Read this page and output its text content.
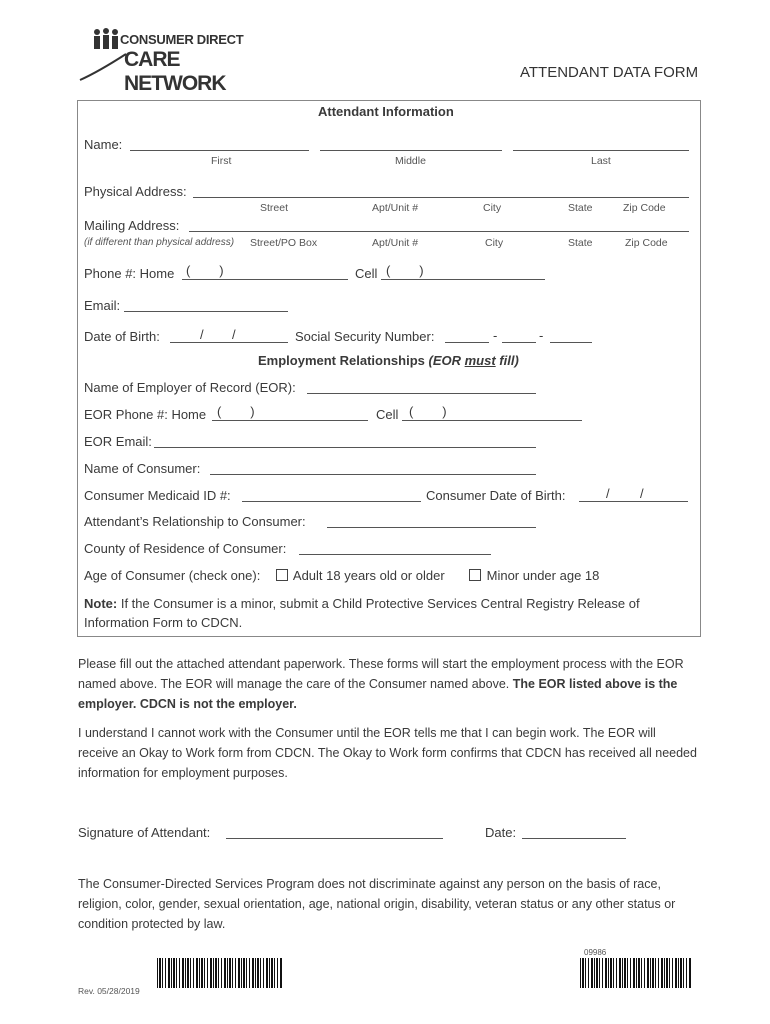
CONSUMER DIRECT
CARE NETWORK	ATTENDANT DATA FORM
Attendant Information
Name:
First	Middle	Last
Physical Address:
Street	Apt/Unit #	City	State	Zip Code
Mailing Address:
(if different than physical address) Street/PO Box	Apt/Unit #	City	State	Zip Code
Phone #: Home (        )	Cell (        )
Email:
Date of Birth:	/ /	Social Security Number:	-	-
Employment Relationships (EOR must fill)
Name of Employer of Record (EOR):
EOR Phone #: Home (        )	Cell (        )
EOR Email:
Name of Consumer:
Consumer Medicaid ID #:	Consumer Date of Birth:	/ /
Attendant’s Relationship to Consumer:
County of Residence of Consumer:
Age of Consumer (check one):	Adult 18 years old or older	Minor under age 18
Note: If the Consumer is a minor, submit a Child Protective Services Central Registry Release of Information Form to CDCN.
Please fill out the attached attendant paperwork. These forms will start the employment process with the EOR named above. The EOR will manage the care of the Consumer named above. The EOR listed above is the employer. CDCN is not the employer.
I understand I cannot work with the Consumer until the EOR tells me that I can begin work. The EOR will receive an Okay to Work form from CDCN. The Okay to Work form confirms that CDCN has received all needed information for employment purposes.
Signature of Attendant:	Date:
The Consumer-Directed Services Program does not discriminate against any person on the basis of race, religion, color, gender, sexual orientation, age, national origin, disability, veteran status or any other status or condition protected by law.
Rev. 05/28/2019
09986
